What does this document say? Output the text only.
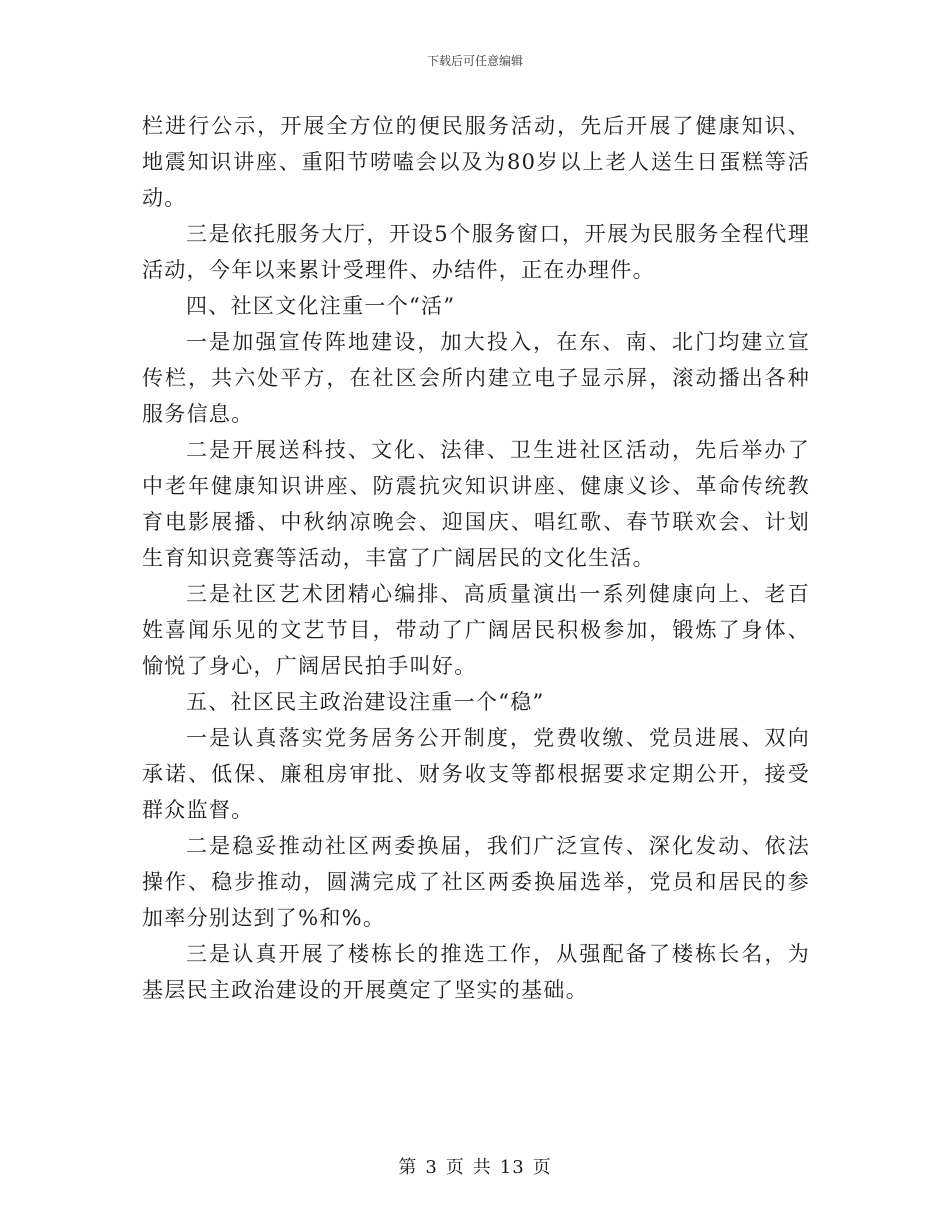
下载后可任意编辑

栏进行公示，开展全方位的便民服务活动，先后开展了健康知识、地震知识讲座、重阳节唠嗑会以及为80岁以上老人送生日蛋糕等活动。

三是依托服务大厅，开设5个服务窗口，开展为民服务全程代理活动，今年以来累计受理件、办结件，正在办理件。

四、社区文化注重一个“活”

一是加强宣传阵地建设，加大投入，在东、南、北门均建立宣传栏，共六处平方，在社区会所内建立电子显示屏，滚动播出各种服务信息。

二是开展送科技、文化、法律、卫生进社区活动，先后举办了中老年健康知识讲座、防震抗灾知识讲座、健康义诊、革命传统教育电影展播、中秋纳凉晚会、迎国庆、唱红歌、春节联欢会、计划生育知识竞赛等活动，丰富了广阔居民的文化生活。

三是社区艺术团精心编排、高质量演出一系列健康向上、老百姓喜闻乐见的文艺节目，带动了广阔居民积极参加，锻炼了身体、愉悦了身心，广阔居民拍手叫好。

五、社区民主政治建设注重一个“稳”

一是认真落实党务居务公开制度，党费收缴、党员进展、双向承诺、低保、廉租房审批、财务收支等都根据要求定期公开，接受群众监督。

二是稳妥推动社区两委换届，我们广泛宣传、深化发动、依法操作、稳步推动，圆满完成了社区两委换届选举，党员和居民的参加率分别达到了%和%。

三是认真开展了楼栋长的推选工作，从强配备了楼栋长名，为基层民主政治建设的开展奠定了坚实的基础。

第 3 页 共 13 页
